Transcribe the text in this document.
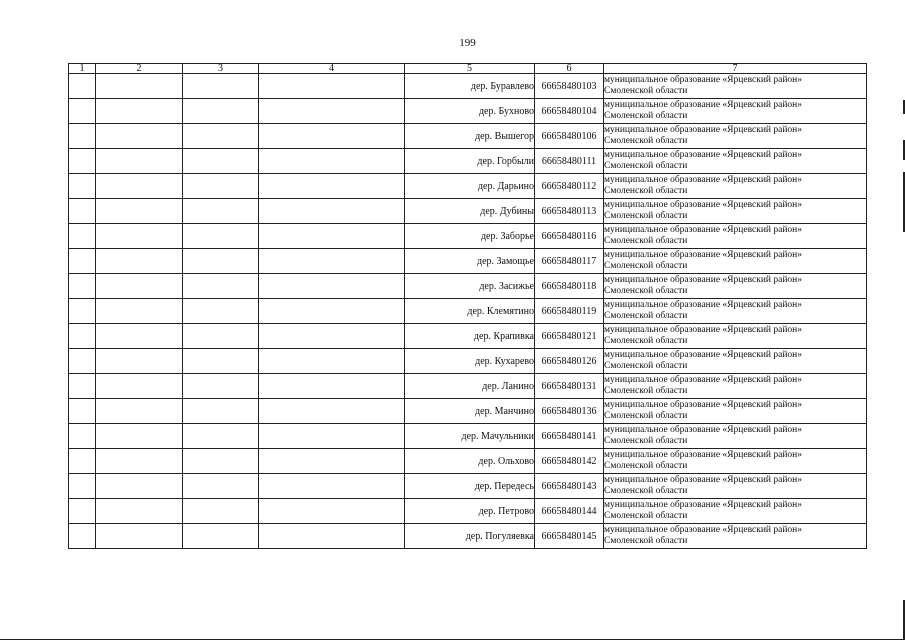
199
1	2	3	4	5	6	7
				дер. Буравлево	66658480103	муниципальное образование «Ярцевский район»
Смоленской области

				дер. Бухново	66658480104	муниципальное образование «Ярцевский район»
Смоленской области

				дер. Вышегор	66658480106	муниципальное образование «Ярцевский район»
Смоленской области

				дер. Горбыли	66658480111	муниципальное образование «Ярцевский район»
Смоленской области

				дер. Дарьино	66658480112	муниципальное образование «Ярцевский район»
Смоленской области

				дер. Дубины	66658480113	муниципальное образование «Ярцевский район»
Смоленской области

				дер. Заборье	66658480116	муниципальное образование «Ярцевский район»
Смоленской области

				дер. Замощье	66658480117	муниципальное образование «Ярцевский район»
Смоленской области

				дер. Засижье	66658480118	муниципальное образование «Ярцевский район»
Смоленской области

				дер. Клемятино	66658480119	муниципальное образование «Ярцевский район»
Смоленской области

				дер. Крапивка	66658480121	муниципальное образование «Ярцевский район»
Смоленской области

				дер. Кухарево	66658480126	муниципальное образование «Ярцевский район»
Смоленской области

				дер. Ланино	66658480131	муниципальное образование «Ярцевский район»
Смоленской области

				дер. Манчино	66658480136	муниципальное образование «Ярцевский район»
Смоленской области

				дер. Мачульники	66658480141	муниципальное образование «Ярцевский район»
Смоленской области

				дер. Ольхово	66658480142	муниципальное образование «Ярцевский район»
Смоленской области

				дер. Передесь	66658480143	муниципальное образование «Ярцевский район»
Смоленской области

				дер. Петрово	66658480144	муниципальное образование «Ярцевский район»
Смоленской области

				дер. Погуляевка	66658480145	муниципальное образование «Ярцевский район»
Смоленской области
